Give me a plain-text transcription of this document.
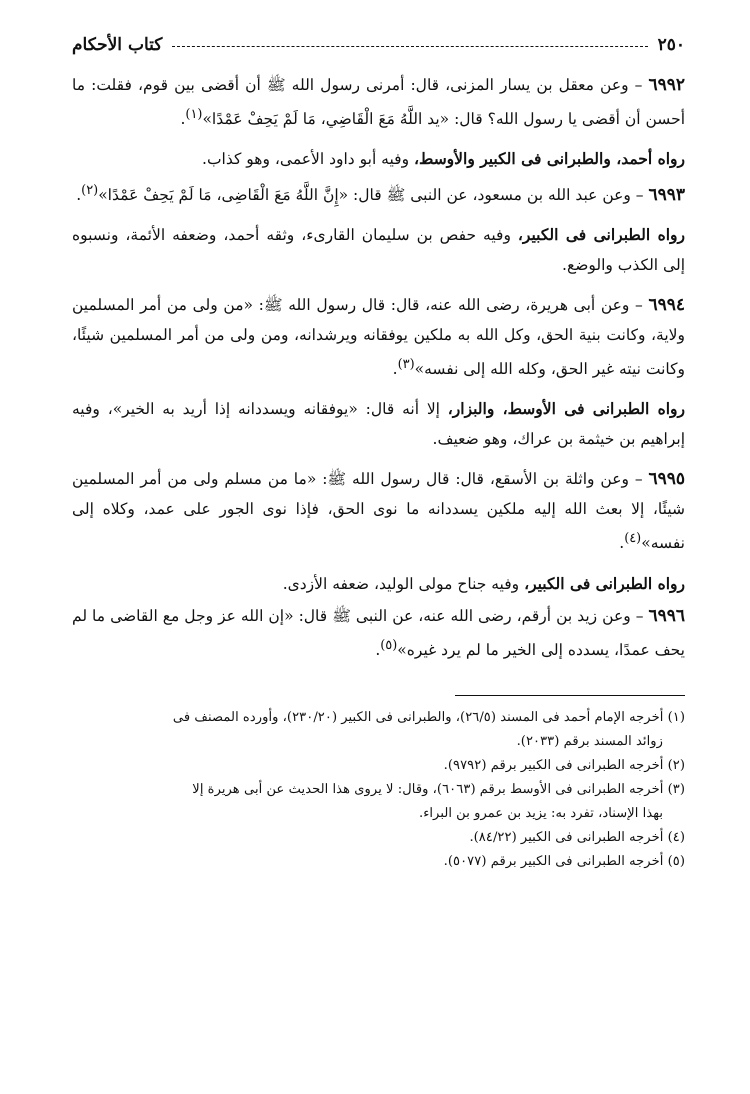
٢٥٠
كتاب الأحكام

٦٩٩٢ – وعن معقل بن يسار المزنى، قال: أمرنى رسول الله ﷺ أن أقضى بين قوم، فقلت: ما أحسن أن أقضى يا رسول الله؟ قال: «يد اللَّهُ مَعَ الْقَاضِي، مَا لَمْ يَحِفْ عَمْدًا»$^{(١)}$.

رواه أحمد، والطبرانى فى الكبير والأوسط، وفيه أبو داود الأعمى، وهو كذاب.

٦٩٩٣ – وعن عبد الله بن مسعود، عن النبى ﷺ قال: «إِنَّ اللَّهُ مَعَ الْقَاضِى، مَا لَمْ يَحِفْ عَمْدًا»$^{(٢)}$.

رواه الطبرانى فى الكبير، وفيه حفص بن سليمان القارىء، وثقه أحمد، وضعفه الأئمة، ونسبوه إلى الكذب والوضع.

٦٩٩٤ – وعن أبى هريرة، رضى الله عنه، قال: قال رسول الله ﷺ: «من ولى من أمر المسلمين ولاية، وكانت بنية الحق، وكل الله به ملكين يوفقانه ويرشدانه، ومن ولى من أمر المسلمين شيئًا، وكانت نيته غير الحق، وكله الله إلى نفسه»$^{(٣)}$.

رواه الطبرانى فى الأوسط، والبزار، إلا أنه قال: «يوفقانه ويسددانه إذا أريد به الخير»، وفيه إبراهيم بن خيثمة بن عراك، وهو ضعيف.

٦٩٩٥ – وعن واثلة بن الأسقع، قال: قال رسول الله ﷺ: «ما من مسلم ولى من أمر المسلمين شيئًا، إلا بعث الله إليه ملكين يسددانه ما نوى الحق، فإذا نوى الجور على عمد، وكلاه إلى نفسه»$^{(٤)}$.

رواه الطبرانى فى الكبير، وفيه جناح مولى الوليد، ضعفه الأزدى.

٦٩٩٦ – وعن زيد بن أرقم، رضى الله عنه، عن النبى ﷺ قال: «إن الله عز وجل مع القاضى ما لم يحف عمدًا، يسدده إلى الخير ما لم يرد غيره»$^{(٥)}$.

(١) أخرجه الإمام أحمد فى المسند (٢٦/٥)، والطبرانى فى الكبير (٢٣٠/٢٠)، وأورده المصنف فى
زوائد المسند برقم (٢٠٣٣).

(٢) أخرجه الطبرانى فى الكبير برقم (٩٧٩٢).

(٣) أخرجه الطبرانى فى الأوسط برقم (٦٠٦٣)، وقال: لا يروى هذا الحديث عن أبى هريرة إلا
بهذا الإسناد، تفرد به: يزيد بن عمرو بن البراء.

(٤) أخرجه الطبرانى فى الكبير (٨٤/٢٢).

(٥) أخرجه الطبرانى فى الكبير برقم (٥٠٧٧).
